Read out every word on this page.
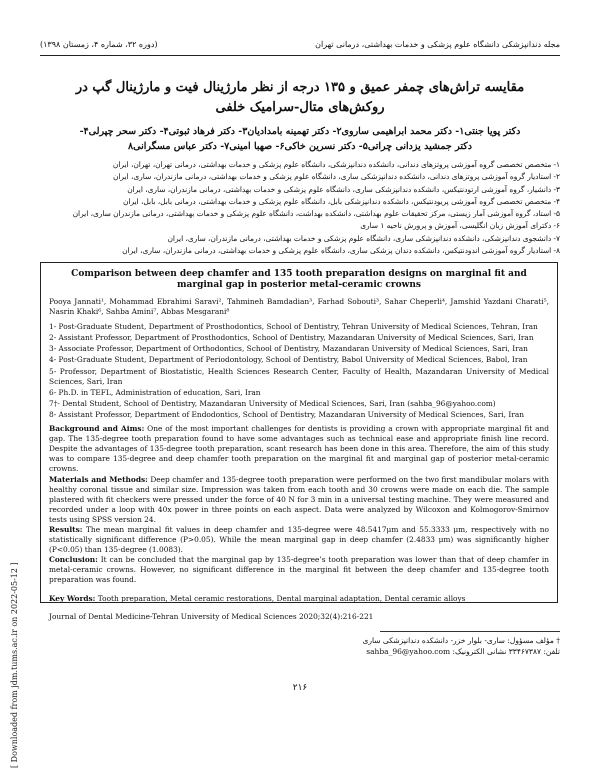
(دوره ۳۲، شماره ۴، زمستان ۱۳۹۸)	مجله دندانپزشکی دانشگاه علوم پزشکی و خدمات بهداشتی، درمانی تهران
مقایسه تراش‌های چمفر عمیق و ۱۳۵ درجه از نظر مارژینال فیت و مارژینال گپ در
روکش‌های متال-سرامیک خلفی
دکتر پویا جنتی۱- دکتر محمد ابراهیمی ساروی۲- دکتر تهمینه بامدادیان۳- دکتر فرهاد ثبوتی۴- دکتر سحر چپرلی۴-
دکتر جمشید یزدانی چراتی۵- دکتر نسرین خاکی۶- صهبا امینی۷- دکتر عباس مسگرانی۸
۱- متخصص تخصصی گروه آموزشی پروتزهای دندانی، دانشکده دندانپزشکی، دانشگاه علوم پزشکی و خدمات بهداشتی، درمانی تهران، تهران، ایران
۲- استادیار گروه آموزشی پروتزهای دندانی، دانشکده دندانپزشکی ساری، دانشگاه علوم پزشکی و خدمات بهداشتی، درمانی مازندران، ساری، ایران
۳- دانشیار، گروه آموزشی ارتودنتیکس، دانشکده دندانپزشکی ساری، دانشگاه علوم پزشکی و خدمات بهداشتی، درمانی مازندران، ساری، ایران
۴- متخصص تخصصی گروه آموزشی پریودنتیکس، دانشکده دندانپزشکی بابل، دانشگاه علوم پزشکی و خدمات بهداشتی، درمانی بابل، بابل، ایران
۵- استاد، گروه آموزشی آمار زیستی، مرکز تحقیقات علوم بهداشتی، دانشکده بهداشت، دانشگاه علوم پزشکی و خدمات بهداشتی، درمانی مازندران ساری، ایران
۶- دکترای آموزش زبان انگلیسی، آموزش و پرورش ناحیه ۱ ساری
۷- دانشجوی دندانپزشکی، دانشکده دندانپزشکی ساری، دانشگاه علوم پزشکی و خدمات بهداشتی، درمانی مازندران، ساری، ایران
۸- استادیار گروه آموزشی اندودنتیکس، دانشکده دندان پزشکی ساری، دانشگاه علوم پزشکی و خدمات بهداشتی، درمانی مازندران، ساری، ایران
Comparison between deep chamfer and 135 tooth preparation designs on marginal fit and marginal gap in posterior metal-ceramic crowns
Pooya Jannati¹, Mohammad Ebrahimi Saravi², Tahmineh Bamdadian³, Farhad Sobouti³, Sahar Cheperli⁴, Jamshid Yazdani Charati⁵, Nasrin Khaki⁶, Sahba Amini⁷, Abbas Mesgarani⁸
1- Post-Graduate Student, Department of Prosthodontics, School of Dentistry, Tehran University of Medical Sciences, Tehran, Iran
2- Assistant Professor, Department of Prosthodontics, School of Dentistry, Mazandaran University of Medical Sciences, Sari, Iran
3- Associate Professor, Department of Orthodontics, School of Dentistry, Mazandaran University of Medical Sciences, Sari, Iran
4- Post-Graduate Student, Department of Periodontology, School of Dentistry, Babol University of Medical Sciences, Babol, Iran
5- Professor, Department of Biostatistic, Health Sciences Research Center, Faculty of Health, Mazandaran University of Medical Sciences, Sari, Iran
6- Ph.D. in TEFL, Administration of education, Sari, Iran
7†- Dental Student, School of Dentistry, Mazandaran University of Medical Sciences, Sari, Iran (sahba_96@yahoo.com)
8- Assistant Professor, Department of Endodontics, School of Dentistry, Mazandaran University of Medical Sciences, Sari, Iran
Background and Aims: One of the most important challenges for dentists is providing a crown with appropriate marginal fit and gap. The 135-degree tooth preparation found to have some advantages such as technical ease and appropriate finish line record. Despite the advantages of 135-degree tooth preparation, scant research has been done in this area. Therefore, the aim of this study was to compare 135-degree and deep chamfer tooth preparation on the marginal fit and marginal gap of posterior metal-ceramic crowns.
Materials and Methods: Deep chamfer and 135-degree tooth preparation were performed on the two first mandibular molars with healthy coronal tissue and similar size. Impression was taken from each tooth and 30 crowns were made on each die. The sample plastered with fit checkers were pressed under the force of 40 N for 3 min in a universal testing machine. They were measured and recorded under a loop with 40x power in three points on each aspect. Data were analyzed by Wilcoxon and Kolmogorov-Smirnov tests using SPSS version 24.
Results: The mean marginal fit values in deep chamfer and 135-degree were 48.5417μm and 55.3333 μm, respectively with no statistically significant difference (P>0.05). While the mean marginal gap in deep chamfer (2.4833 μm) was significantly higher (P<0.05) than 135-degree (1.0083).
Conclusion: It can be concluded that the marginal gap by 135-degree’s tooth preparation was lower than that of deep chamfer in metal-ceramic crowns. However, no significant difference in the marginal fit between the deep chamfer and 135-degree tooth preparation was found.
Key Words: Tooth preparation, Metal ceramic restorations, Dental marginal adaptation, Dental ceramic alloys
Journal of Dental Medicine-Tehran University of Medical Sciences 2020;32(4):216-221
† مؤلف مسؤول: ساری- بلوار خزر- دانشکده دندانپزشکی ساری
تلفن: ۳۳۴۶۷۳۸۷ نشانی الکترونیک: sahba_96@yahoo.com
۲۱۶
[ Downloaded from jdm.tums.ac.ir on 2022-05-12 ]
